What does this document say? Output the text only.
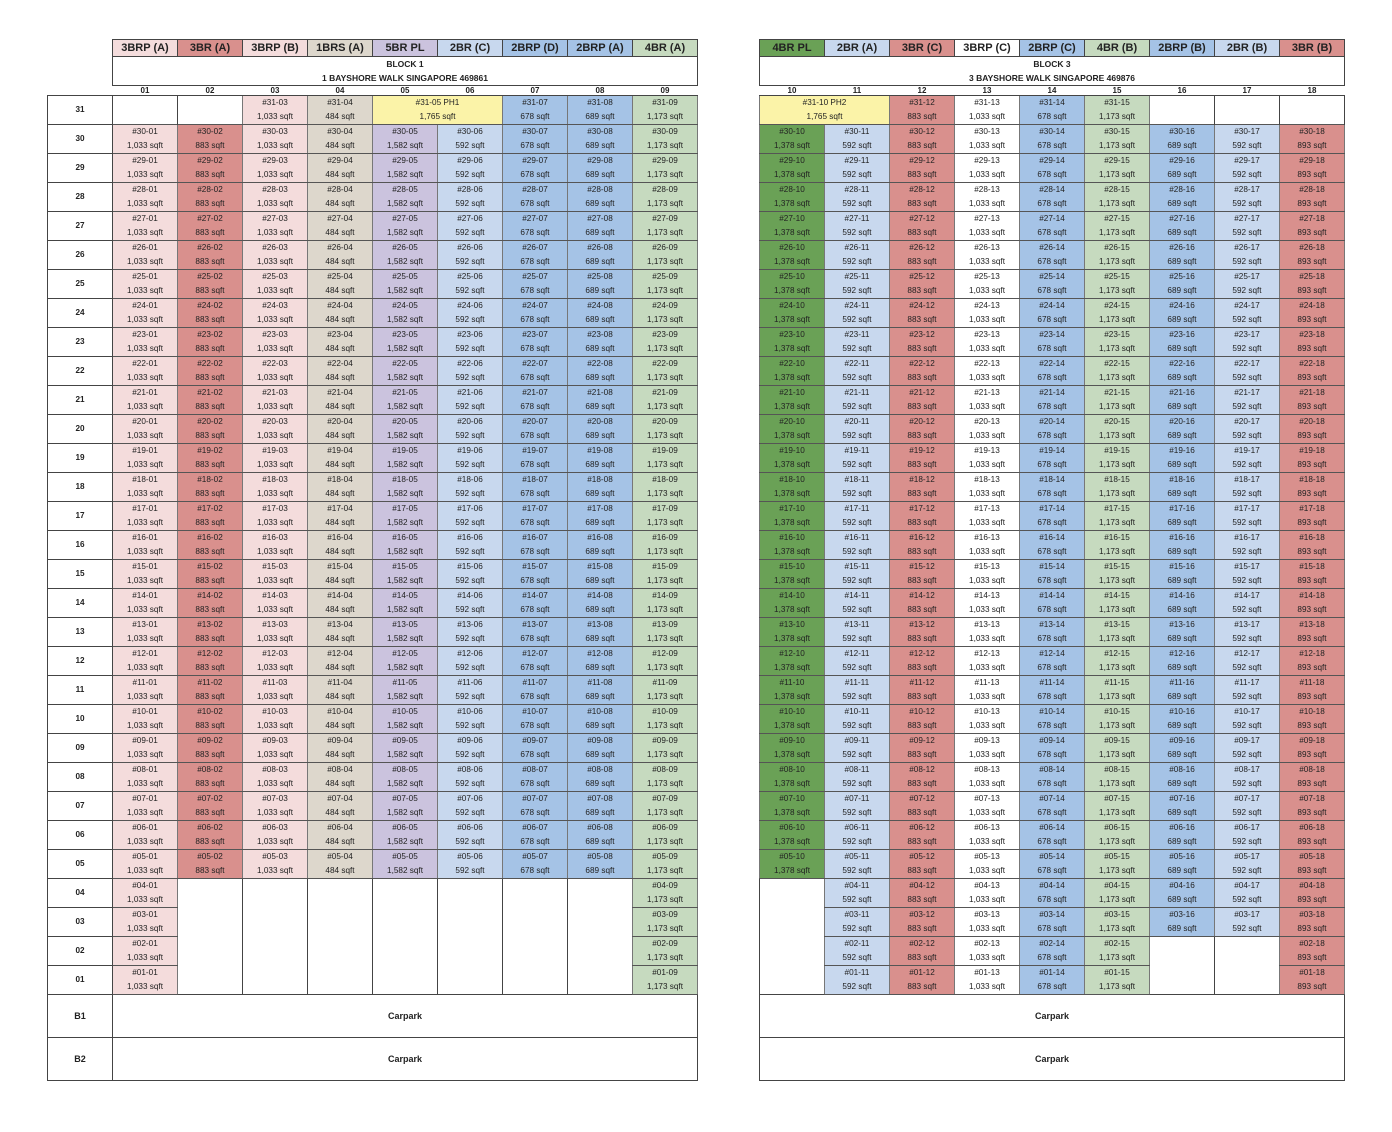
	3BRP (A)	3BR (A)	3BRP (B)	1BRS (A)	5BR PL	2BR (C)	2BRP (D)	2BRP (A)	4BR (A)
	BLOCK 1								
	1 BAYSHORE WALK SINGAPORE 469861								
	01	02	03	04	05	06	07	08	09
31			#31-03	#31-04	#31-05 PH1		#31-07	#31-08	#31-09
			1,033 sqft	484 sqft	1,765 sqft		678 sqft	689 sqft	1,173 sqft
30	#30-01	#30-02	#30-03	#30-04	#30-05	#30-06	#30-07	#30-08	#30-09
	1,033 sqft	883 sqft	1,033 sqft	484 sqft	1,582 sqft	592 sqft	678 sqft	689 sqft	1,173 sqft
29	#29-01	#29-02	#29-03	#29-04	#29-05	#29-06	#29-07	#29-08	#29-09
	1,033 sqft	883 sqft	1,033 sqft	484 sqft	1,582 sqft	592 sqft	678 sqft	689 sqft	1,173 sqft
28	#28-01	#28-02	#28-03	#28-04	#28-05	#28-06	#28-07	#28-08	#28-09
	1,033 sqft	883 sqft	1,033 sqft	484 sqft	1,582 sqft	592 sqft	678 sqft	689 sqft	1,173 sqft
27	#27-01	#27-02	#27-03	#27-04	#27-05	#27-06	#27-07	#27-08	#27-09
	1,033 sqft	883 sqft	1,033 sqft	484 sqft	1,582 sqft	592 sqft	678 sqft	689 sqft	1,173 sqft
26	#26-01	#26-02	#26-03	#26-04	#26-05	#26-06	#26-07	#26-08	#26-09
	1,033 sqft	883 sqft	1,033 sqft	484 sqft	1,582 sqft	592 sqft	678 sqft	689 sqft	1,173 sqft
25	#25-01	#25-02	#25-03	#25-04	#25-05	#25-06	#25-07	#25-08	#25-09
	1,033 sqft	883 sqft	1,033 sqft	484 sqft	1,582 sqft	592 sqft	678 sqft	689 sqft	1,173 sqft
24	#24-01	#24-02	#24-03	#24-04	#24-05	#24-06	#24-07	#24-08	#24-09
	1,033 sqft	883 sqft	1,033 sqft	484 sqft	1,582 sqft	592 sqft	678 sqft	689 sqft	1,173 sqft
23	#23-01	#23-02	#23-03	#23-04	#23-05	#23-06	#23-07	#23-08	#23-09
	1,033 sqft	883 sqft	1,033 sqft	484 sqft	1,582 sqft	592 sqft	678 sqft	689 sqft	1,173 sqft
22	#22-01	#22-02	#22-03	#22-04	#22-05	#22-06	#22-07	#22-08	#22-09
	1,033 sqft	883 sqft	1,033 sqft	484 sqft	1,582 sqft	592 sqft	678 sqft	689 sqft	1,173 sqft
21	#21-01	#21-02	#21-03	#21-04	#21-05	#21-06	#21-07	#21-08	#21-09
	1,033 sqft	883 sqft	1,033 sqft	484 sqft	1,582 sqft	592 sqft	678 sqft	689 sqft	1,173 sqft
20	#20-01	#20-02	#20-03	#20-04	#20-05	#20-06	#20-07	#20-08	#20-09
	1,033 sqft	883 sqft	1,033 sqft	484 sqft	1,582 sqft	592 sqft	678 sqft	689 sqft	1,173 sqft
19	#19-01	#19-02	#19-03	#19-04	#19-05	#19-06	#19-07	#19-08	#19-09
	1,033 sqft	883 sqft	1,033 sqft	484 sqft	1,582 sqft	592 sqft	678 sqft	689 sqft	1,173 sqft
18	#18-01	#18-02	#18-03	#18-04	#18-05	#18-06	#18-07	#18-08	#18-09
	1,033 sqft	883 sqft	1,033 sqft	484 sqft	1,582 sqft	592 sqft	678 sqft	689 sqft	1,173 sqft
17	#17-01	#17-02	#17-03	#17-04	#17-05	#17-06	#17-07	#17-08	#17-09
	1,033 sqft	883 sqft	1,033 sqft	484 sqft	1,582 sqft	592 sqft	678 sqft	689 sqft	1,173 sqft
16	#16-01	#16-02	#16-03	#16-04	#16-05	#16-06	#16-07	#16-08	#16-09
	1,033 sqft	883 sqft	1,033 sqft	484 sqft	1,582 sqft	592 sqft	678 sqft	689 sqft	1,173 sqft
15	#15-01	#15-02	#15-03	#15-04	#15-05	#15-06	#15-07	#15-08	#15-09
	1,033 sqft	883 sqft	1,033 sqft	484 sqft	1,582 sqft	592 sqft	678 sqft	689 sqft	1,173 sqft
14	#14-01	#14-02	#14-03	#14-04	#14-05	#14-06	#14-07	#14-08	#14-09
	1,033 sqft	883 sqft	1,033 sqft	484 sqft	1,582 sqft	592 sqft	678 sqft	689 sqft	1,173 sqft
13	#13-01	#13-02	#13-03	#13-04	#13-05	#13-06	#13-07	#13-08	#13-09
	1,033 sqft	883 sqft	1,033 sqft	484 sqft	1,582 sqft	592 sqft	678 sqft	689 sqft	1,173 sqft
12	#12-01	#12-02	#12-03	#12-04	#12-05	#12-06	#12-07	#12-08	#12-09
	1,033 sqft	883 sqft	1,033 sqft	484 sqft	1,582 sqft	592 sqft	678 sqft	689 sqft	1,173 sqft
11	#11-01	#11-02	#11-03	#11-04	#11-05	#11-06	#11-07	#11-08	#11-09
	1,033 sqft	883 sqft	1,033 sqft	484 sqft	1,582 sqft	592 sqft	678 sqft	689 sqft	1,173 sqft
10	#10-01	#10-02	#10-03	#10-04	#10-05	#10-06	#10-07	#10-08	#10-09
	1,033 sqft	883 sqft	1,033 sqft	484 sqft	1,582 sqft	592 sqft	678 sqft	689 sqft	1,173 sqft
09	#09-01	#09-02	#09-03	#09-04	#09-05	#09-06	#09-07	#09-08	#09-09
	1,033 sqft	883 sqft	1,033 sqft	484 sqft	1,582 sqft	592 sqft	678 sqft	689 sqft	1,173 sqft
08	#08-01	#08-02	#08-03	#08-04	#08-05	#08-06	#08-07	#08-08	#08-09
	1,033 sqft	883 sqft	1,033 sqft	484 sqft	1,582 sqft	592 sqft	678 sqft	689 sqft	1,173 sqft
07	#07-01	#07-02	#07-03	#07-04	#07-05	#07-06	#07-07	#07-08	#07-09
	1,033 sqft	883 sqft	1,033 sqft	484 sqft	1,582 sqft	592 sqft	678 sqft	689 sqft	1,173 sqft
06	#06-01	#06-02	#06-03	#06-04	#06-05	#06-06	#06-07	#06-08	#06-09
	1,033 sqft	883 sqft	1,033 sqft	484 sqft	1,582 sqft	592 sqft	678 sqft	689 sqft	1,173 sqft
05	#05-01	#05-02	#05-03	#05-04	#05-05	#05-06	#05-07	#05-08	#05-09
	1,033 sqft	883 sqft	1,033 sqft	484 sqft	1,582 sqft	592 sqft	678 sqft	689 sqft	1,173 sqft
04	#04-01								#04-09
	1,033 sqft								1,173 sqft
03	#03-01								#03-09
	1,033 sqft								1,173 sqft
02	#02-01								#02-09
	1,033 sqft								1,173 sqft
01	#01-01								#01-09
	1,033 sqft								1,173 sqft
B1	Carpark								
B2	Carpark								
4BR PL	2BR (A)	3BR (C)	3BRP (C)	2BRP (C)	4BR (B)	2BRP (B)	2BR (B)	3BR (B)
BLOCK 3								
3 BAYSHORE WALK SINGAPORE 469876								
10	11	12	13	14	15	16	17	18
#31-10 PH2		#31-12	#31-13	#31-14	#31-15			
1,765 sqft		883 sqft	1,033 sqft	678 sqft	1,173 sqft			
#30-10	#30-11	#30-12	#30-13	#30-14	#30-15	#30-16	#30-17	#30-18
1,378 sqft	592 sqft	883 sqft	1,033 sqft	678 sqft	1,173 sqft	689 sqft	592 sqft	893 sqft
#29-10	#29-11	#29-12	#29-13	#29-14	#29-15	#29-16	#29-17	#29-18
1,378 sqft	592 sqft	883 sqft	1,033 sqft	678 sqft	1,173 sqft	689 sqft	592 sqft	893 sqft
#28-10	#28-11	#28-12	#28-13	#28-14	#28-15	#28-16	#28-17	#28-18
1,378 sqft	592 sqft	883 sqft	1,033 sqft	678 sqft	1,173 sqft	689 sqft	592 sqft	893 sqft
#27-10	#27-11	#27-12	#27-13	#27-14	#27-15	#27-16	#27-17	#27-18
1,378 sqft	592 sqft	883 sqft	1,033 sqft	678 sqft	1,173 sqft	689 sqft	592 sqft	893 sqft
#26-10	#26-11	#26-12	#26-13	#26-14	#26-15	#26-16	#26-17	#26-18
1,378 sqft	592 sqft	883 sqft	1,033 sqft	678 sqft	1,173 sqft	689 sqft	592 sqft	893 sqft
#25-10	#25-11	#25-12	#25-13	#25-14	#25-15	#25-16	#25-17	#25-18
1,378 sqft	592 sqft	883 sqft	1,033 sqft	678 sqft	1,173 sqft	689 sqft	592 sqft	893 sqft
#24-10	#24-11	#24-12	#24-13	#24-14	#24-15	#24-16	#24-17	#24-18
1,378 sqft	592 sqft	883 sqft	1,033 sqft	678 sqft	1,173 sqft	689 sqft	592 sqft	893 sqft
#23-10	#23-11	#23-12	#23-13	#23-14	#23-15	#23-16	#23-17	#23-18
1,378 sqft	592 sqft	883 sqft	1,033 sqft	678 sqft	1,173 sqft	689 sqft	592 sqft	893 sqft
#22-10	#22-11	#22-12	#22-13	#22-14	#22-15	#22-16	#22-17	#22-18
1,378 sqft	592 sqft	883 sqft	1,033 sqft	678 sqft	1,173 sqft	689 sqft	592 sqft	893 sqft
#21-10	#21-11	#21-12	#21-13	#21-14	#21-15	#21-16	#21-17	#21-18
1,378 sqft	592 sqft	883 sqft	1,033 sqft	678 sqft	1,173 sqft	689 sqft	592 sqft	893 sqft
#20-10	#20-11	#20-12	#20-13	#20-14	#20-15	#20-16	#20-17	#20-18
1,378 sqft	592 sqft	883 sqft	1,033 sqft	678 sqft	1,173 sqft	689 sqft	592 sqft	893 sqft
#19-10	#19-11	#19-12	#19-13	#19-14	#19-15	#19-16	#19-17	#19-18
1,378 sqft	592 sqft	883 sqft	1,033 sqft	678 sqft	1,173 sqft	689 sqft	592 sqft	893 sqft
#18-10	#18-11	#18-12	#18-13	#18-14	#18-15	#18-16	#18-17	#18-18
1,378 sqft	592 sqft	883 sqft	1,033 sqft	678 sqft	1,173 sqft	689 sqft	592 sqft	893 sqft
#17-10	#17-11	#17-12	#17-13	#17-14	#17-15	#17-16	#17-17	#17-18
1,378 sqft	592 sqft	883 sqft	1,033 sqft	678 sqft	1,173 sqft	689 sqft	592 sqft	893 sqft
#16-10	#16-11	#16-12	#16-13	#16-14	#16-15	#16-16	#16-17	#16-18
1,378 sqft	592 sqft	883 sqft	1,033 sqft	678 sqft	1,173 sqft	689 sqft	592 sqft	893 sqft
#15-10	#15-11	#15-12	#15-13	#15-14	#15-15	#15-16	#15-17	#15-18
1,378 sqft	592 sqft	883 sqft	1,033 sqft	678 sqft	1,173 sqft	689 sqft	592 sqft	893 sqft
#14-10	#14-11	#14-12	#14-13	#14-14	#14-15	#14-16	#14-17	#14-18
1,378 sqft	592 sqft	883 sqft	1,033 sqft	678 sqft	1,173 sqft	689 sqft	592 sqft	893 sqft
#13-10	#13-11	#13-12	#13-13	#13-14	#13-15	#13-16	#13-17	#13-18
1,378 sqft	592 sqft	883 sqft	1,033 sqft	678 sqft	1,173 sqft	689 sqft	592 sqft	893 sqft
#12-10	#12-11	#12-12	#12-13	#12-14	#12-15	#12-16	#12-17	#12-18
1,378 sqft	592 sqft	883 sqft	1,033 sqft	678 sqft	1,173 sqft	689 sqft	592 sqft	893 sqft
#11-10	#11-11	#11-12	#11-13	#11-14	#11-15	#11-16	#11-17	#11-18
1,378 sqft	592 sqft	883 sqft	1,033 sqft	678 sqft	1,173 sqft	689 sqft	592 sqft	893 sqft
#10-10	#10-11	#10-12	#10-13	#10-14	#10-15	#10-16	#10-17	#10-18
1,378 sqft	592 sqft	883 sqft	1,033 sqft	678 sqft	1,173 sqft	689 sqft	592 sqft	893 sqft
#09-10	#09-11	#09-12	#09-13	#09-14	#09-15	#09-16	#09-17	#09-18
1,378 sqft	592 sqft	883 sqft	1,033 sqft	678 sqft	1,173 sqft	689 sqft	592 sqft	893 sqft
#08-10	#08-11	#08-12	#08-13	#08-14	#08-15	#08-16	#08-17	#08-18
1,378 sqft	592 sqft	883 sqft	1,033 sqft	678 sqft	1,173 sqft	689 sqft	592 sqft	893 sqft
#07-10	#07-11	#07-12	#07-13	#07-14	#07-15	#07-16	#07-17	#07-18
1,378 sqft	592 sqft	883 sqft	1,033 sqft	678 sqft	1,173 sqft	689 sqft	592 sqft	893 sqft
#06-10	#06-11	#06-12	#06-13	#06-14	#06-15	#06-16	#06-17	#06-18
1,378 sqft	592 sqft	883 sqft	1,033 sqft	678 sqft	1,173 sqft	689 sqft	592 sqft	893 sqft
#05-10	#05-11	#05-12	#05-13	#05-14	#05-15	#05-16	#05-17	#05-18
1,378 sqft	592 sqft	883 sqft	1,033 sqft	678 sqft	1,173 sqft	689 sqft	592 sqft	893 sqft
	#04-11	#04-12	#04-13	#04-14	#04-15	#04-16	#04-17	#04-18
	592 sqft	883 sqft	1,033 sqft	678 sqft	1,173 sqft	689 sqft	592 sqft	893 sqft
	#03-11	#03-12	#03-13	#03-14	#03-15	#03-16	#03-17	#03-18
	592 sqft	883 sqft	1,033 sqft	678 sqft	1,173 sqft	689 sqft	592 sqft	893 sqft
	#02-11	#02-12	#02-13	#02-14	#02-15			#02-18
	592 sqft	883 sqft	1,033 sqft	678 sqft	1,173 sqft			893 sqft
	#01-11	#01-12	#01-13	#01-14	#01-15			#01-18
	592 sqft	883 sqft	1,033 sqft	678 sqft	1,173 sqft			893 sqft
Carpark								
Carpark								
